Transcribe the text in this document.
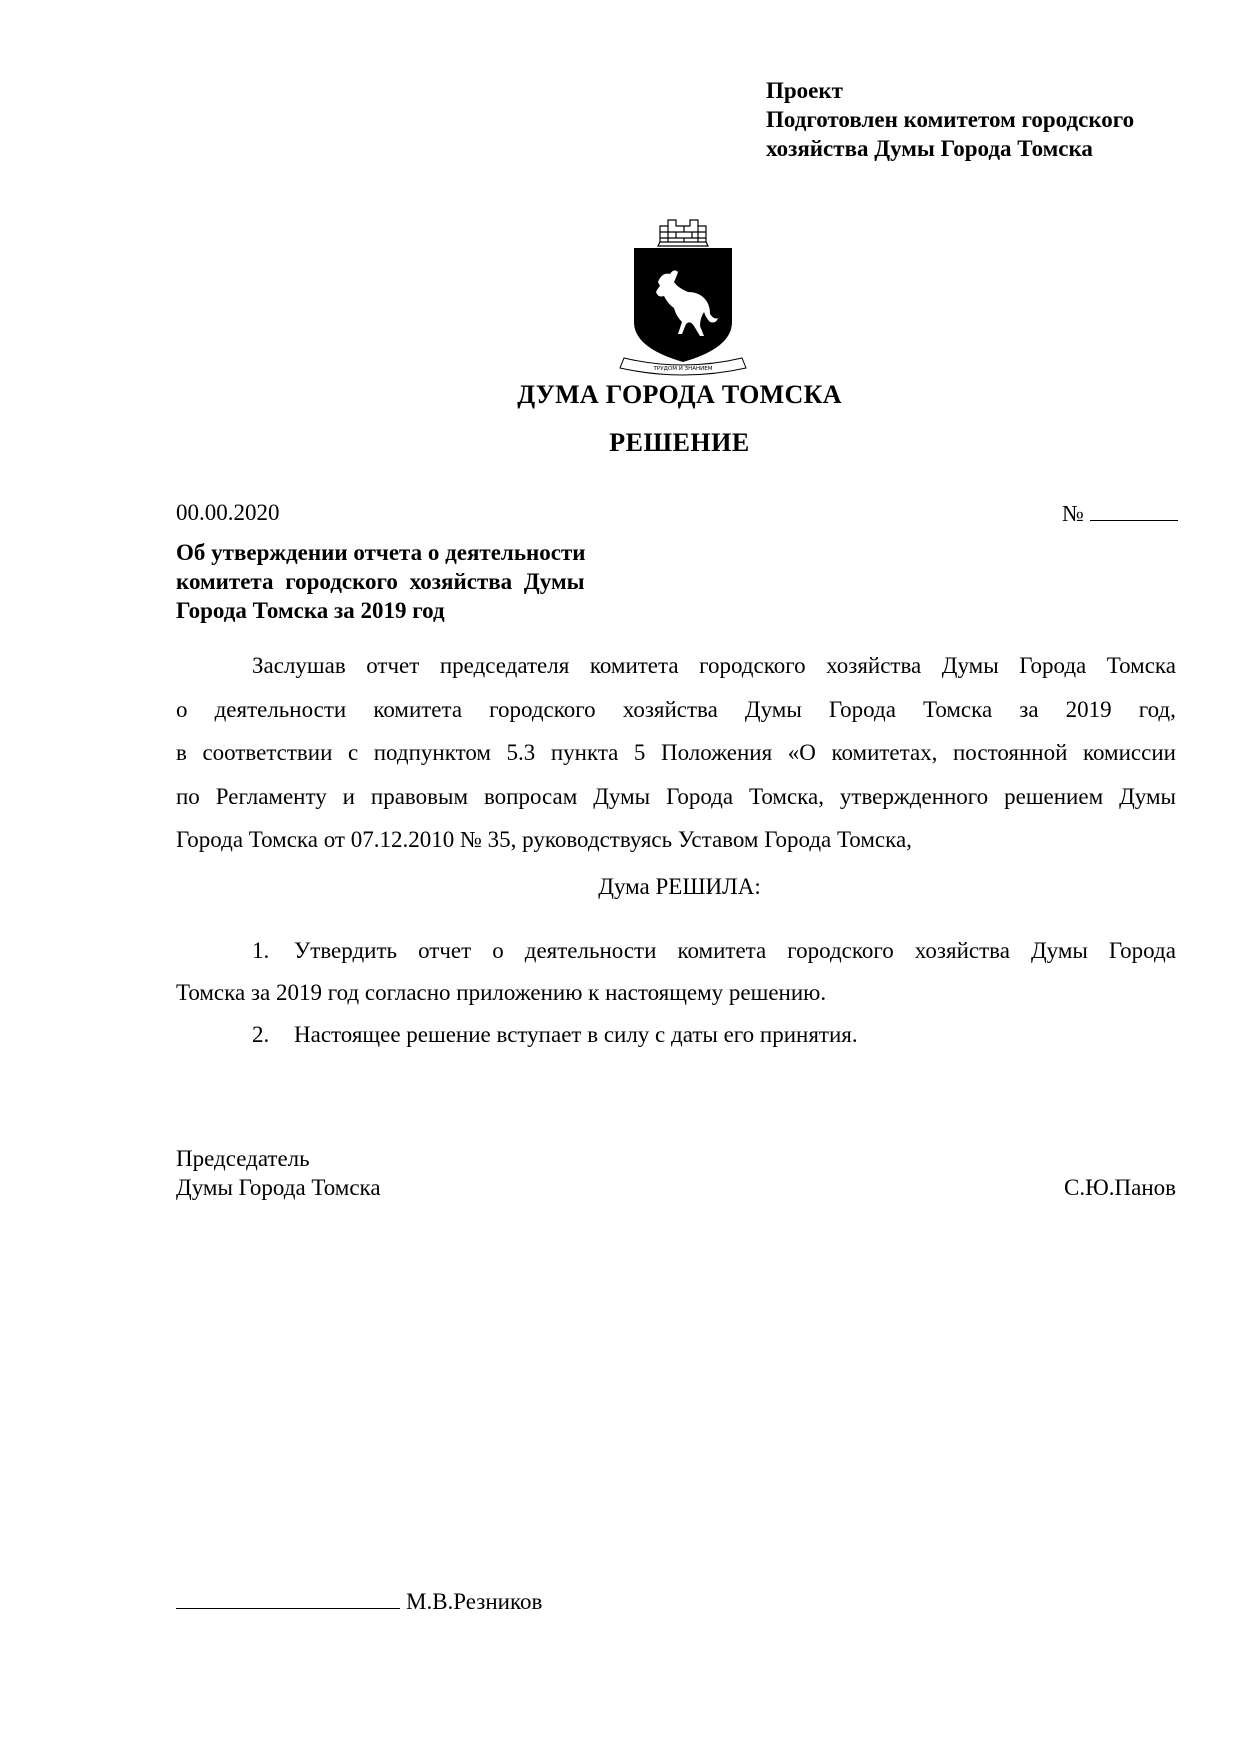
Проект
Подготовлен комитетом городского
хозяйства Думы Города Томска
ТРУДОМ И ЗНАНИЕМ
ДУМА ГОРОДА ТОМСКА
РЕШЕНИЕ
00.00.2020	№
Об утверждении отчета о деятельности
комитета городского хозяйства Думы
Города Томска за 2019 год
Заслушав отчет председателя комитета городского хозяйства Думы Города Томска
о деятельности комитета городского хозяйства Думы Города Томска за 2019 год,
в соответствии с подпунктом 5.3 пункта 5 Положения «О комитетах, постоянной комиссии
по Регламенту и правовым вопросам Думы Города Томска, утвержденного решением Думы
Города Томска от 07.12.2010 № 35, руководствуясь Уставом Города Томска,
Дума РЕШИЛА:
1.	Утвердить отчет о деятельности комитета городского хозяйства Думы Города
Томска за 2019 год согласно приложению к настоящему решению.
2. Настоящее решение вступает в силу с даты его принятия.
Председатель
Думы Города Томска	С.Ю.Панов
М.В.Резников
